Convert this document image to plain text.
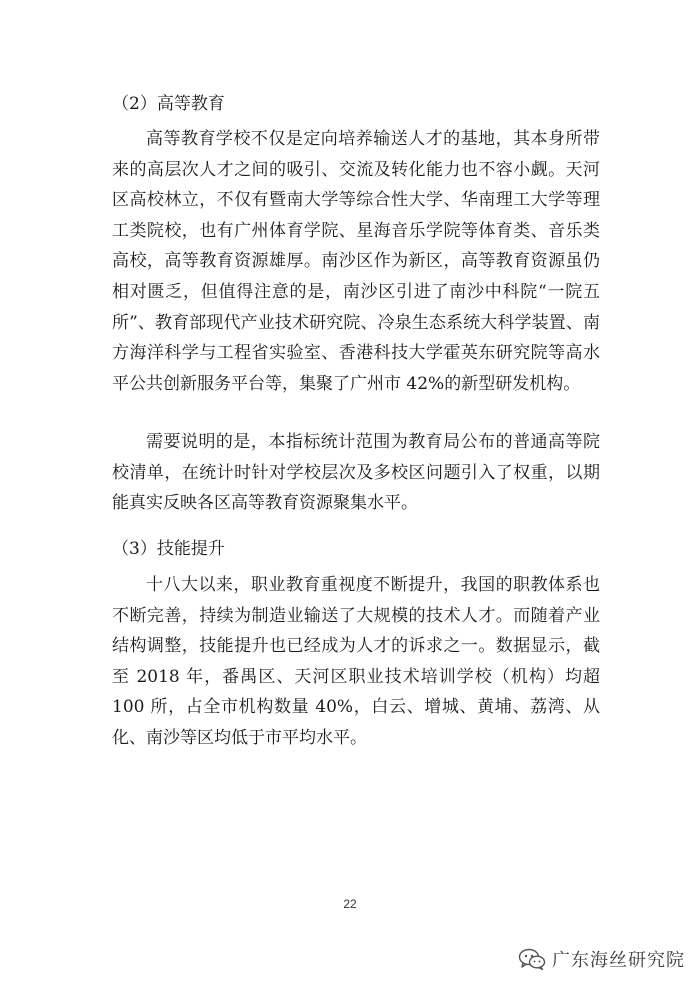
（2）高等教育
高等教育学校不仅是定向培养输送人才的基地，其本身所带来的高层次人才之间的吸引、交流及转化能力也不容小觑。天河区高校林立，不仅有暨南大学等综合性大学、华南理工大学等理工类院校，也有广州体育学院、星海音乐学院等体育类、音乐类高校，高等教育资源雄厚。南沙区作为新区，高等教育资源虽仍相对匮乏，但值得注意的是，南沙区引进了南沙中科院“一院五所”、教育部现代产业技术研究院、冷泉生态系统大科学装置、南方海洋科学与工程省实验室、香港科技大学霍英东研究院等高水平公共创新服务平台等，集聚了广州市 42%的新型研发机构。
需要说明的是，本指标统计范围为教育局公布的普通高等院校清单，在统计时针对学校层次及多校区问题引入了权重，以期能真实反映各区高等教育资源聚集水平。
（3）技能提升
十八大以来，职业教育重视度不断提升，我国的职教体系也不断完善，持续为制造业输送了大规模的技术人才。而随着产业结构调整，技能提升也已经成为人才的诉求之一。数据显示，截至 2018 年，番禺区、天河区职业技术培训学校（机构）均超 100 所，占全市机构数量 40%，白云、增城、黄埔、荔湾、从化、南沙等区均低于市平均水平。
22
广东海丝研究院
